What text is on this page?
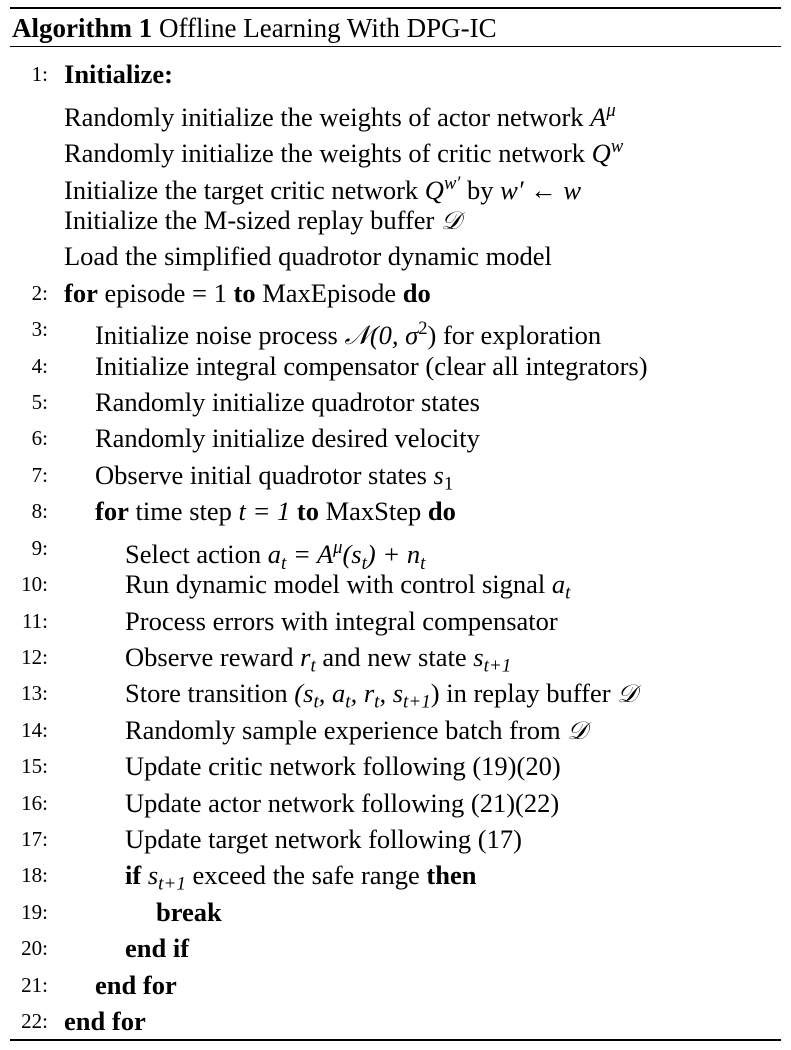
Algorithm 1 Offline Learning With DPG-IC
1: Initialize:
Randomly initialize the weights of actor network $A^\mu$
Randomly initialize the weights of critic network $Q^w$
Initialize the target critic network $Q^{w'}$ by w′ ← w
Initialize the M-sized replay buffer 𝒟
Load the simplified quadrotor dynamic model
2: for episode = 1 to MaxEpisode do
3: Initialize noise process 𝒩(0, $\sigma^2$) for exploration
4: Initialize integral compensator (clear all integrators)
5: Randomly initialize quadrotor states
6: Randomly initialize desired velocity
7: Observe initial quadrotor states $s_1$
8: for time step t = 1 to MaxStep do
9:	Select action $a_t = A^\mu(s_t) + n_t$
10:	Run dynamic model with control signal $a_t$
11:	Process errors with integral compensator
12:	Observe reward $r_t$ and new state $s_{t+1}$
13:	Store transition ($s_t$, $a_t$, $r_t$, $s_{t+1}$) in replay buffer 𝒟
14:	Randomly sample experience batch from 𝒟
15:	Update critic network following (19)(20)
16:	Update actor network following (21)(22)
17:	Update target network following (17)
18:	if $s_{t+1}$ exceed the safe range then
19:	break
20:	end if
21: end for
22: end for
